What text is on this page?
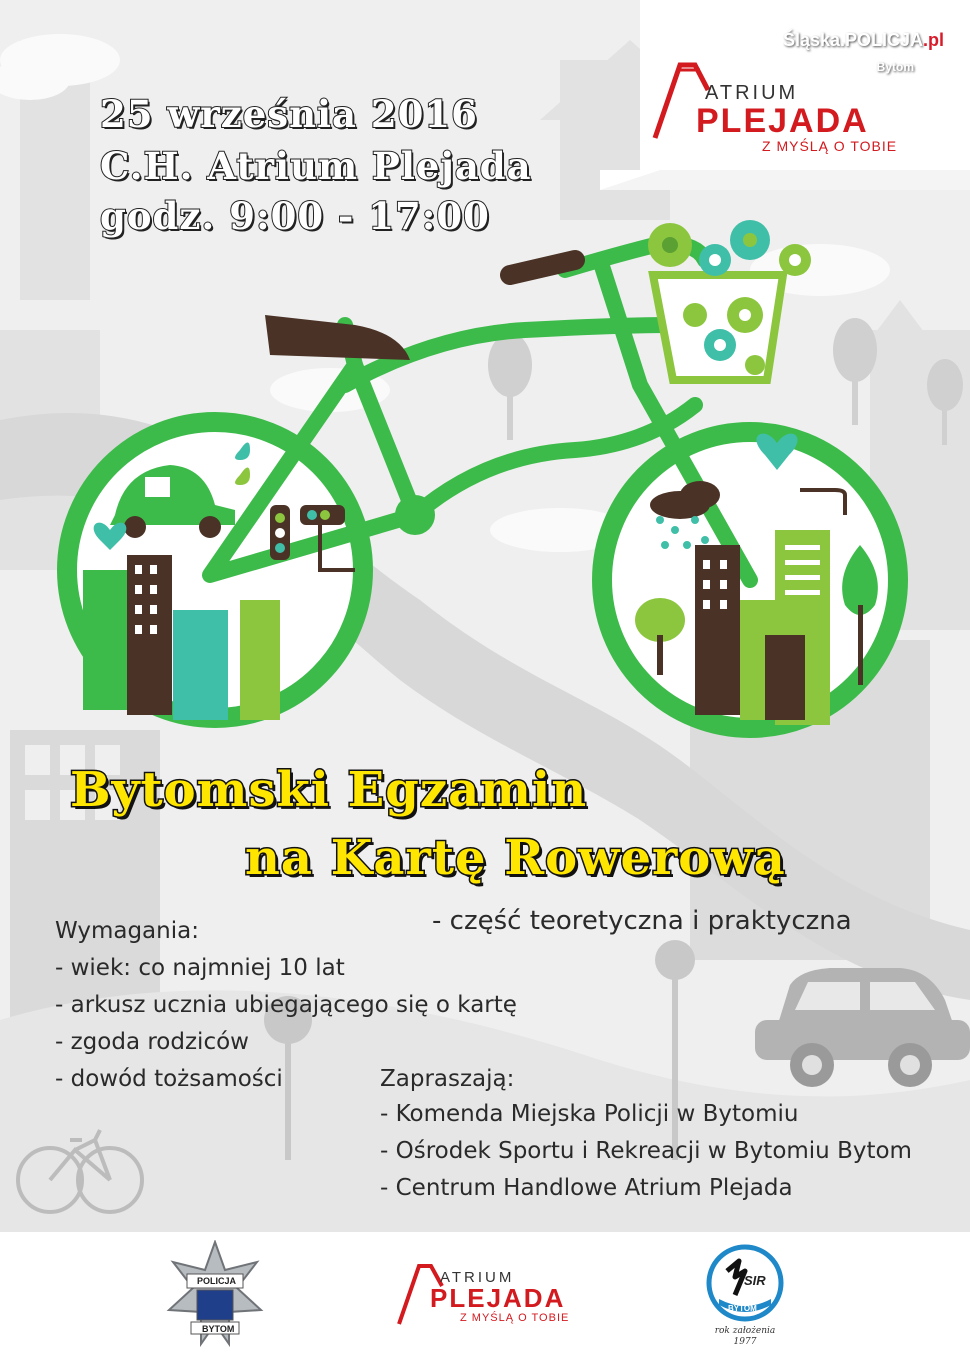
Śląska.POLICJA.pl
Bytom
ATRIUM
PLEJADA
Z MYŚLĄ O TOBIE
25 września 2016
C.H. Atrium Plejada
godz. 9:00 - 17:00
Bytomski Egzamin
na Kartę Rowerową
- część teoretyczna i praktyczna
Wymagania:
- wiek: co najmniej 10 lat
- arkusz ucznia ubiegającego się o kartę
- zgoda rodziców
- dowód tożsamości	Zapraszają:
- Komenda Miejska Policji w Bytomiu
- Ośrodek Sportu i Rekreacji w Bytomiu Bytom
- Centrum Handlowe Atrium Plejada
POLICJA
BYTOM
ATRIUM
PLEJADA
Z MYŚLĄ O TOBIE
SIR
BYTOM
rok założenia
1977
